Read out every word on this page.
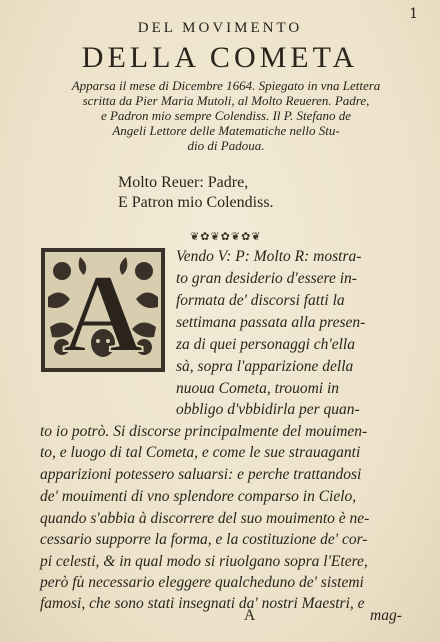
1
DEL MOVIMENTO
DELLA COMETA
Apparsa il mese di Dicembre 1664. Spiegato in vna Lettera
scritta da Pier Maria Mutoli, al Molto Reueren. Padre,
e Padron mio sempre Colendiss. Il P. Stefano de
Angeli Lettore delle Matematiche nello Stu-
dio di Padoua.
Molto Reuer: Padre,
E Patron mio Colendiss.
❦✿❦✿❦✿❦
A Vendo V: P: Molto R: mostra-
to gran desiderio d'essere in-
formata de' discorsi fatti la
settimana passata alla presen-
za di quei personaggi ch'ella
sà, sopra l'apparizione della
nuoua Cometa, trouomi in
obbligo d'vbbidirla per quan-
to io potrò. Si discorse principalmente del mouimen-
to, e luogo di tal Cometa, e come le sue strauaganti
apparizioni potessero saluarsi: e perche trattandosi
de' mouimenti di vno splendore comparso in Cielo,
quando s'abbia à discorrere del suo mouimento è ne-
cessario supporre la forma, e la costituzione de' cor-
pi celesti, & in qual modo si riuolgano sopra l'Etere,
però fù necessario eleggere qualcheduno de' sistemi
famosi, che sono stati insegnati da' nostri Maestri, e
A	mag-
